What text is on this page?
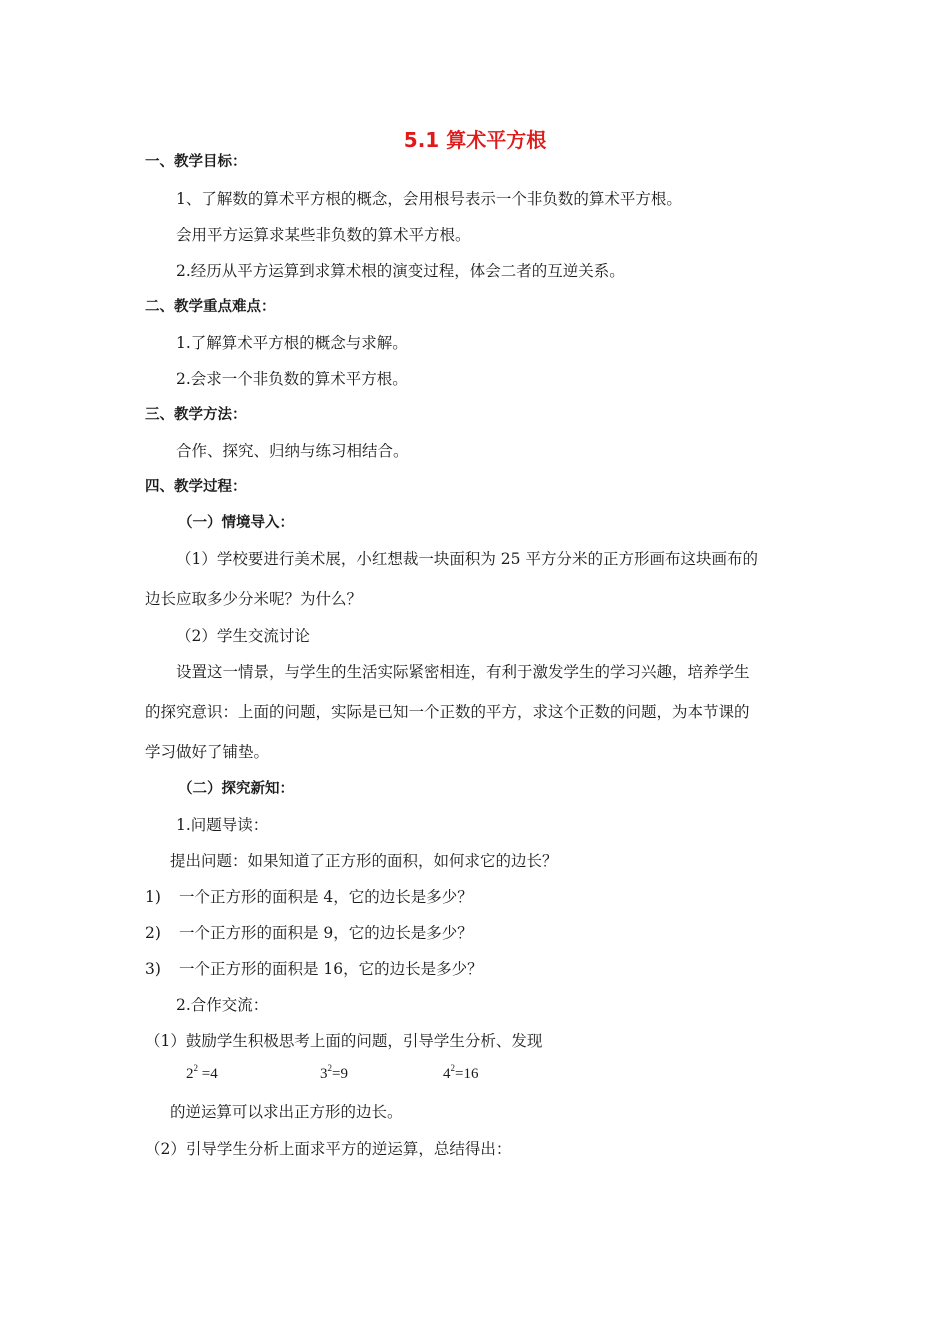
5.1 算术平方根
一、教学目标：
1、了解数的算术平方根的概念，会用根号表示一个非负数的算术平方根。
会用平方运算求某些非负数的算术平方根。
2.经历从平方运算到求算术根的演变过程，体会二者的互逆关系。
二、教学重点难点：
1.了解算术平方根的概念与求解。
2.会求一个非负数的算术平方根。
三、教学方法：
合作、探究、归纳与练习相结合。
四、教学过程：
（一）情境导入：
（1）学校要进行美术展，小红想裁一块面积为 25 平方分米的正方形画布这块画布的
边长应取多少分米呢？为什么？
（2）学生交流讨论
设置这一情景，与学生的生活实际紧密相连，有利于激发学生的学习兴趣，培养学生
的探究意识：上面的问题，实际是已知一个正数的平方，求这个正数的问题，为本节课的
学习做好了铺垫。
（二）探究新知：
1.问题导读：
提出问题：如果知道了正方形的面积，如何求它的边长？
1) 一个正方形的面积是 4，它的边长是多少？
2) 一个正方形的面积是 9，它的边长是多少？
3) 一个正方形的面积是 16，它的边长是多少？
2.合作交流：
（1）鼓励学生积极思考上面的问题，引导学生分析、发现
$2^2 =4$	$3^2=9$	$4^2=16$
的逆运算可以求出正方形的边长。
（2）引导学生分析上面求平方的逆运算，总结得出：
